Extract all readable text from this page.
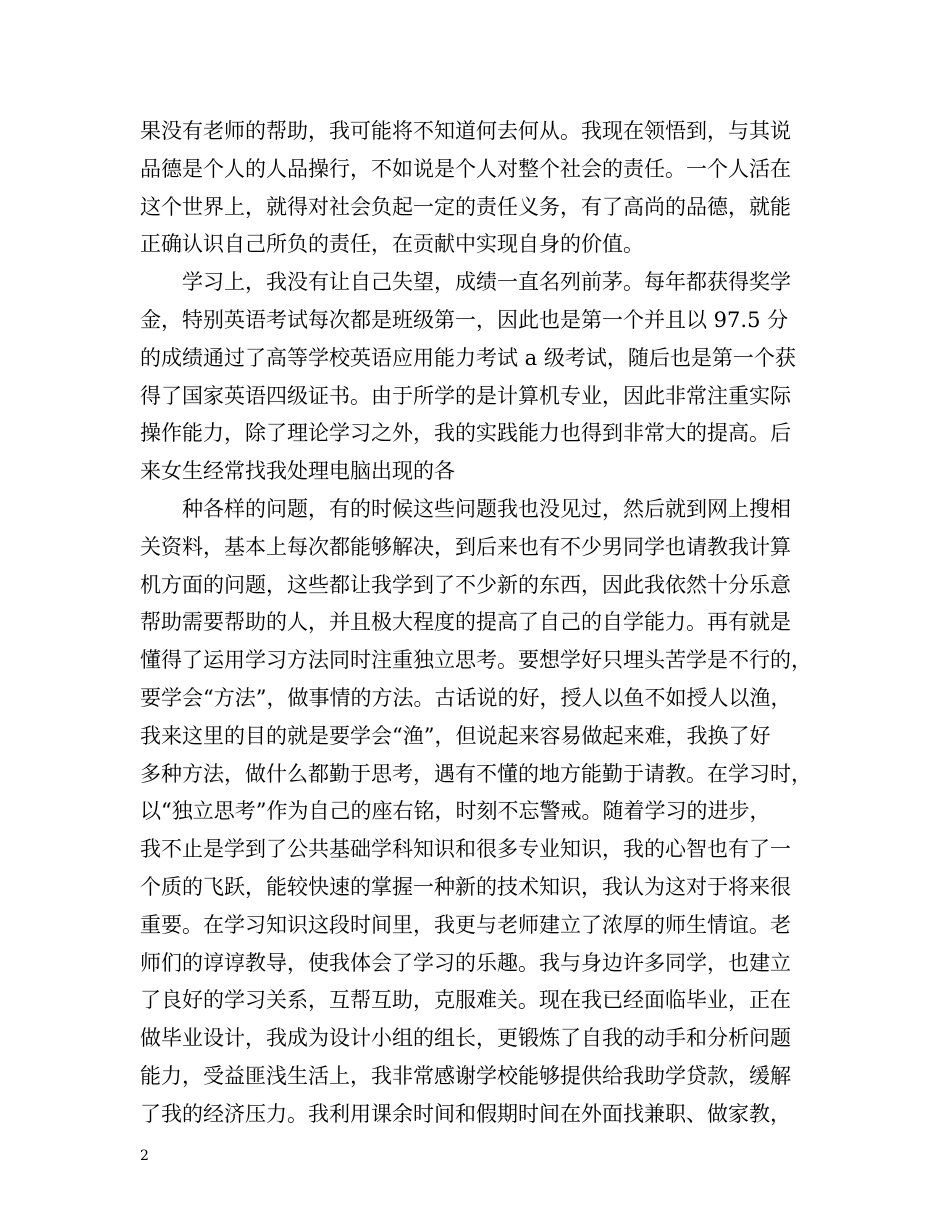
果没有老师的帮助，我可能将不知道何去何从。我现在领悟到，与其说
品德是个人的人品操行，不如说是个人对整个社会的责任。一个人活在
这个世界上，就得对社会负起一定的责任义务，有了高尚的品德，就能
正确认识自己所负的责任，在贡献中实现自身的价值。
学习上，我没有让自己失望，成绩一直名列前茅。每年都获得奖学
金，特别英语考试每次都是班级第一，因此也是第一个并且以 97.5 分
的成绩通过了高等学校英语应用能力考试 a 级考试，随后也是第一个获
得了国家英语四级证书。由于所学的是计算机专业，因此非常注重实际
操作能力，除了理论学习之外，我的实践能力也得到非常大的提高。后
来女生经常找我处理电脑出现的各
种各样的问题，有的时候这些问题我也没见过，然后就到网上搜相
关资料，基本上每次都能够解决，到后来也有不少男同学也请教我计算
机方面的问题，这些都让我学到了不少新的东西，因此我依然十分乐意
帮助需要帮助的人，并且极大程度的提高了自己的自学能力。再有就是
懂得了运用学习方法同时注重独立思考。要想学好只埋头苦学是不行的，
要学会“方法”，做事情的方法。古话说的好，授人以鱼不如授人以渔，
我来这里的目的就是要学会“渔”，但说起来容易做起来难，我换了好
多种方法，做什么都勤于思考，遇有不懂的地方能勤于请教。在学习时，
以“独立思考”作为自己的座右铭，时刻不忘警戒。随着学习的进步，
我不止是学到了公共基础学科知识和很多专业知识，我的心智也有了一
个质的飞跃，能较快速的掌握一种新的技术知识，我认为这对于将来很
重要。在学习知识这段时间里，我更与老师建立了浓厚的师生情谊。老
师们的谆谆教导，使我体会了学习的乐趣。我与身边许多同学，也建立
了良好的学习关系，互帮互助，克服难关。现在我已经面临毕业，正在
做毕业设计，我成为设计小组的组长，更锻炼了自我的动手和分析问题
能力，受益匪浅生活上，我非常感谢学校能够提供给我助学贷款，缓解
了我的经济压力。我利用课余时间和假期时间在外面找兼职、做家教，
2
